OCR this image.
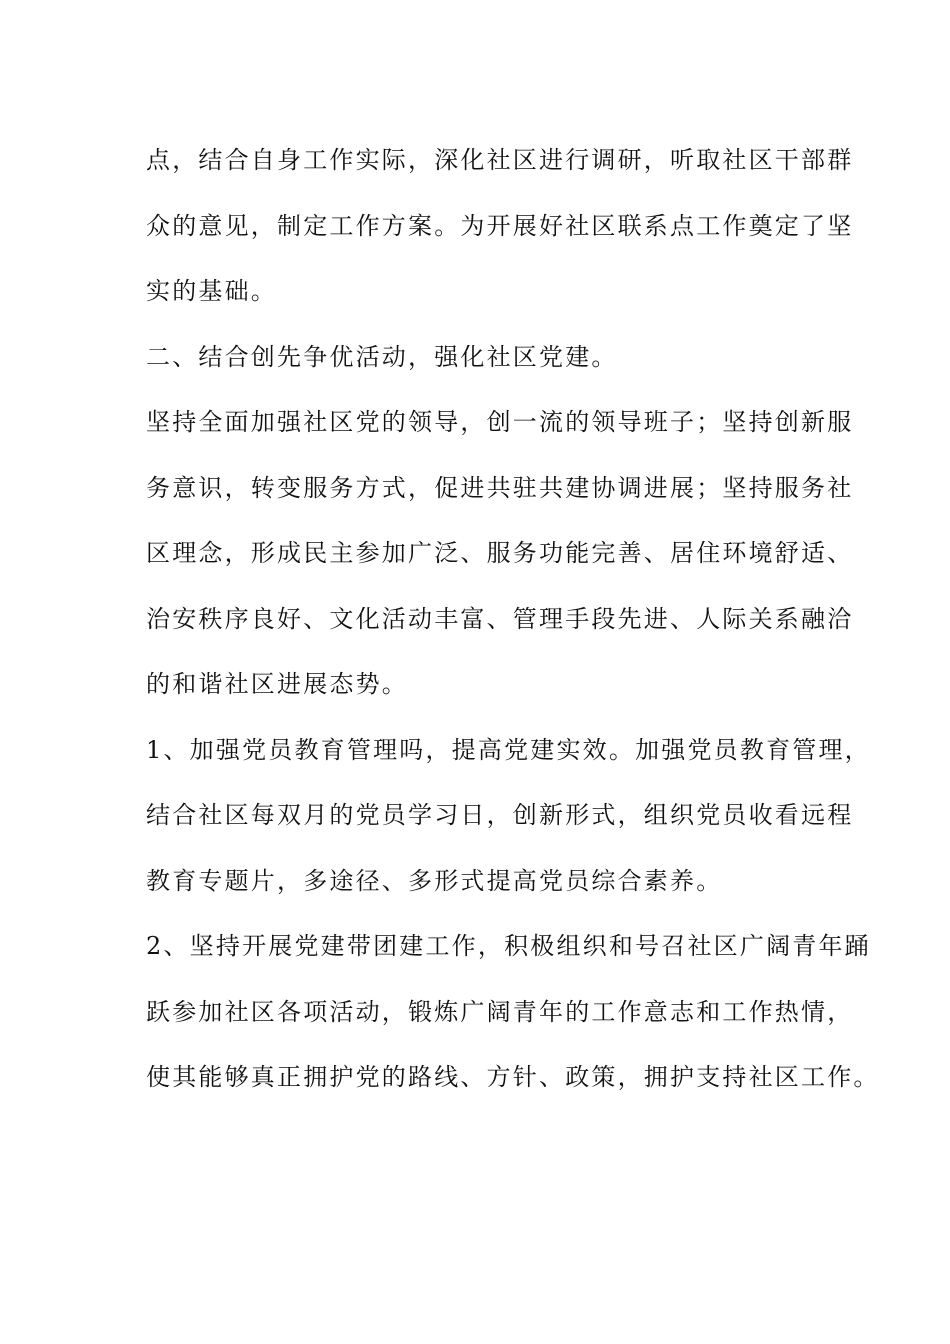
点，结合自身工作实际，深化社区进行调研，听取社区干部群
众的意见，制定工作方案。为开展好社区联系点工作奠定了坚
实的基础。
二、结合创先争优活动，强化社区党建。
坚持全面加强社区党的领导，创一流的领导班子；坚持创新服
务意识，转变服务方式，促进共驻共建协调进展；坚持服务社
区理念，形成民主参加广泛、服务功能完善、居住环境舒适、
治安秩序良好、文化活动丰富、管理手段先进、人际关系融洽
的和谐社区进展态势。
1、加强党员教育管理吗，提高党建实效。加强党员教育管理，
结合社区每双月的党员学习日，创新形式，组织党员收看远程
教育专题片，多途径、多形式提高党员综合素养。
2、坚持开展党建带团建工作，积极组织和号召社区广阔青年踊
跃参加社区各项活动，锻炼广阔青年的工作意志和工作热情，
使其能够真正拥护党的路线、方针、政策，拥护支持社区工作。
